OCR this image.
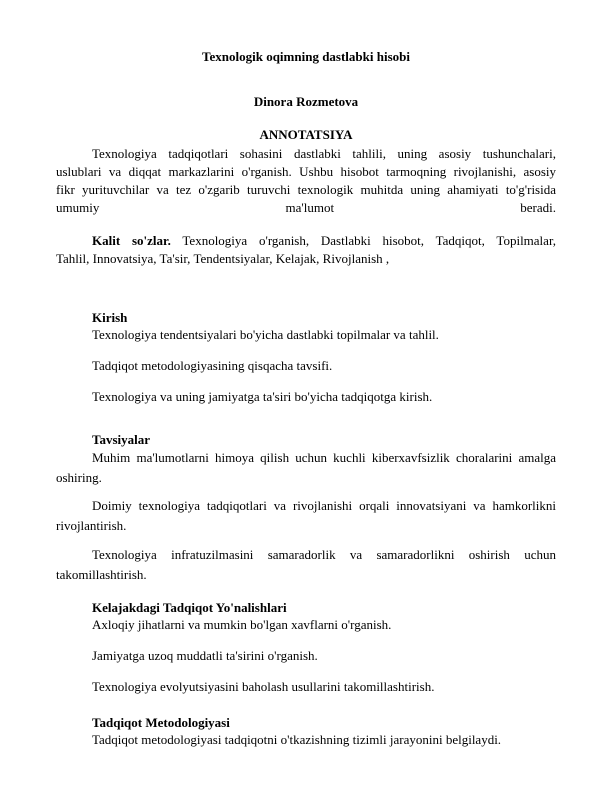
Texnologik oqimning dastlabki hisobi
Dinora Rozmetova
ANNOTATSIYA
Texnologiya tadqiqotlari sohasini dastlabki tahlili, uning asosiy tushunchalari,
uslublari va diqqat markazlarini o'rganish. Ushbu hisobot tarmoqning rivojlanishi, asosiy
fikr yurituvchilar va tez o'zgarib turuvchi texnologik muhitda uning ahamiyati to'g'risida
umumiy	ma'lumot	beradi.
Kalit so'zlar. Texnologiya o'rganish, Dastlabki hisobot, Tadqiqot, Topilmalar,
Tahlil, Innovatsiya, Ta'sir, Tendentsiyalar, Kelajak, Rivojlanish ,
Kirish
Texnologiya tendentsiyalari bo'yicha dastlabki topilmalar va tahlil.
Tadqiqot metodologiyasining qisqacha tavsifi.
Texnologiya va uning jamiyatga ta'siri bo'yicha tadqiqotga kirish.
Tavsiyalar
Muhim ma'lumotlarni himoya qilish uchun kuchli kiberxavfsizlik choralarini amalga oshiring.
Doimiy texnologiya tadqiqotlari va rivojlanishi orqali innovatsiyani va hamkorlikni rivojlantirish.
Texnologiya infratuzilmasini samaradorlik va samaradorlikni oshirish uchun takomillashtirish.
Kelajakdagi Tadqiqot Yo'nalishlari
Axloqiy jihatlarni va mumkin bo'lgan xavflarni o'rganish.
Jamiyatga uzoq muddatli ta'sirini o'rganish.
Texnologiya evolyutsiyasini baholash usullarini takomillashtirish.
Tadqiqot Metodologiyasi
Tadqiqot metodologiyasi tadqiqotni o'tkazishning tizimli jarayonini belgilaydi.
